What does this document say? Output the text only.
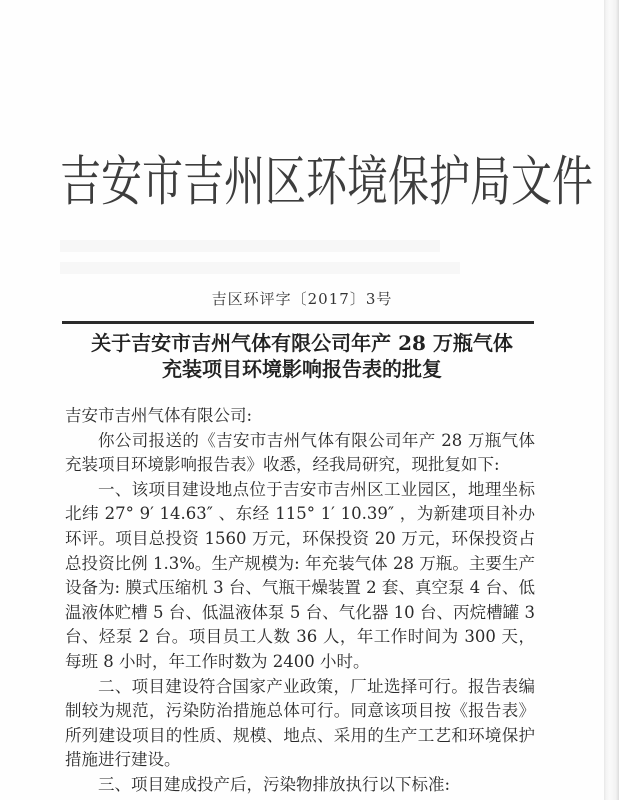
吉安市吉州区环境保护局文件
吉区环评字〔2017〕3号
关于吉安市吉州气体有限公司年产 28 万瓶气体
充装项目环境影响报告表的批复

吉安市吉州气体有限公司:

你公司报送的《吉安市吉州气体有限公司年产 28 万瓶气体充装项目环境影响报告表》收悉，经我局研究，现批复如下:

一、该项目建设地点位于吉安市吉州区工业园区，地理坐标北纬 27° 9′ 14.63″ 、东经 115° 1′ 10.39″ ，为新建项目补办环评。项目总投资 1560 万元，环保投资 20 万元，环保投资占总投资比例 1.3%。生产规模为: 年充装气体 28 万瓶。主要生产设备为: 膜式压缩机 3 台、气瓶干燥装置 2 套、真空泵 4 台、低温液体贮槽 5 台、低温液体泵 5 台、气化器 10 台、丙烷槽罐 3 台、烃泵 2 台。项目员工人数 36 人，年工作时间为 300 天，每班 8 小时，年工作时数为 2400 小时。

二、项目建设符合国家产业政策，厂址选择可行。报告表编制较为规范，污染防治措施总体可行。同意该项目按《报告表》所列建设项目的性质、规模、地点、采用的生产工艺和环境保护措施进行建设。

三、项目建成投产后，污染物排放执行以下标准:
